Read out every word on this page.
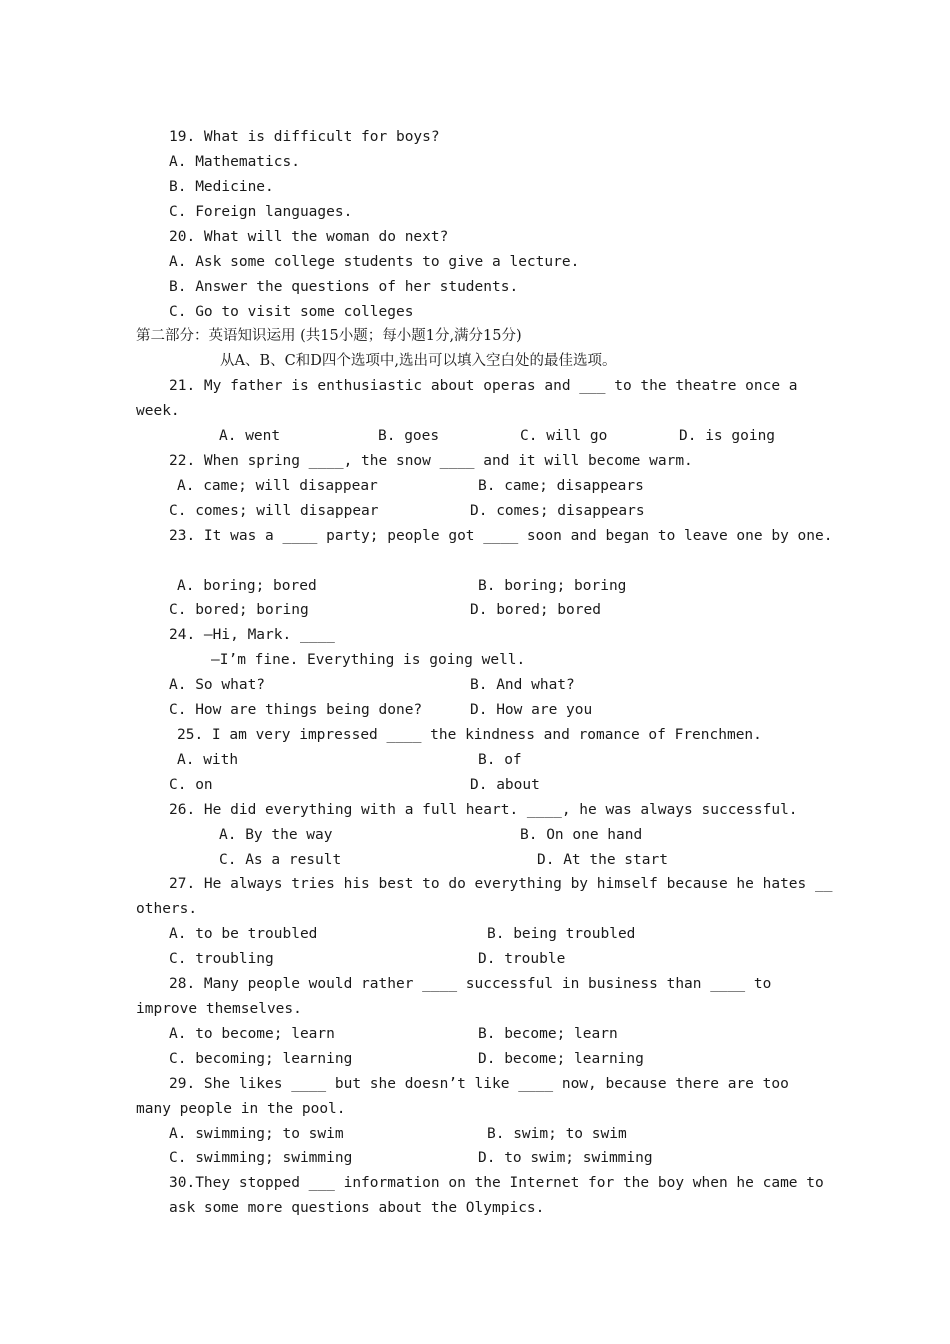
19. What is difficult for boys?
A. Mathematics.
B. Medicine.
C. Foreign languages.
20. What will the woman do next?
A. Ask some college students to give a lecture.
B. Answer the questions of her students.
C. Go to visit some colleges
第二部分：英语知识运用 (共15小题；每小题1分,满分15分)
从A、B、C和D四个选项中,选出可以填入空白处的最佳选项。
21. My father is enthusiastic about operas and ___ to the theatre once a
week.
A. went	B. goes	C. will go	D. is going
22. When spring ____, the snow ____ and it will become warm.
A. came; will disappear	B. came; disappears
C. comes; will disappear	D. comes; disappears
23. It was a ____ party; people got ____ soon and began to leave one by one.
A. boring; bored	B. boring; boring
C. bored; boring	D. bored; bored
24. —Hi, Mark. ____
—I’m fine. Everything is going well.
A. So what?	B. And what?
C. How are things being done?	D. How are you
25. I am very impressed ____ the kindness and romance of Frenchmen.
A. with	B. of
C. on	D. about
26. He did everything with a full heart. ____, he was always successful.
A. By the way	B. On one hand
C. As a result	D. At the start
27. He always tries his best to do everything by himself because he hates __
others.
A. to be troubled	B. being troubled
C. troubling	D. trouble
28. Many people would rather ____ successful in business than ____ to
improve themselves.
A. to become; learn	B. become; learn
C. becoming; learning	D. become; learning
29. She likes ____ but she doesn’t like ____ now, because there are too
many people in the pool.
A. swimming; to swim	B. swim; to swim
C. swimming; swimming	D. to swim; swimming
30.They stopped ___ information on the Internet for the boy when he came to
ask some more questions about the Olympics.
